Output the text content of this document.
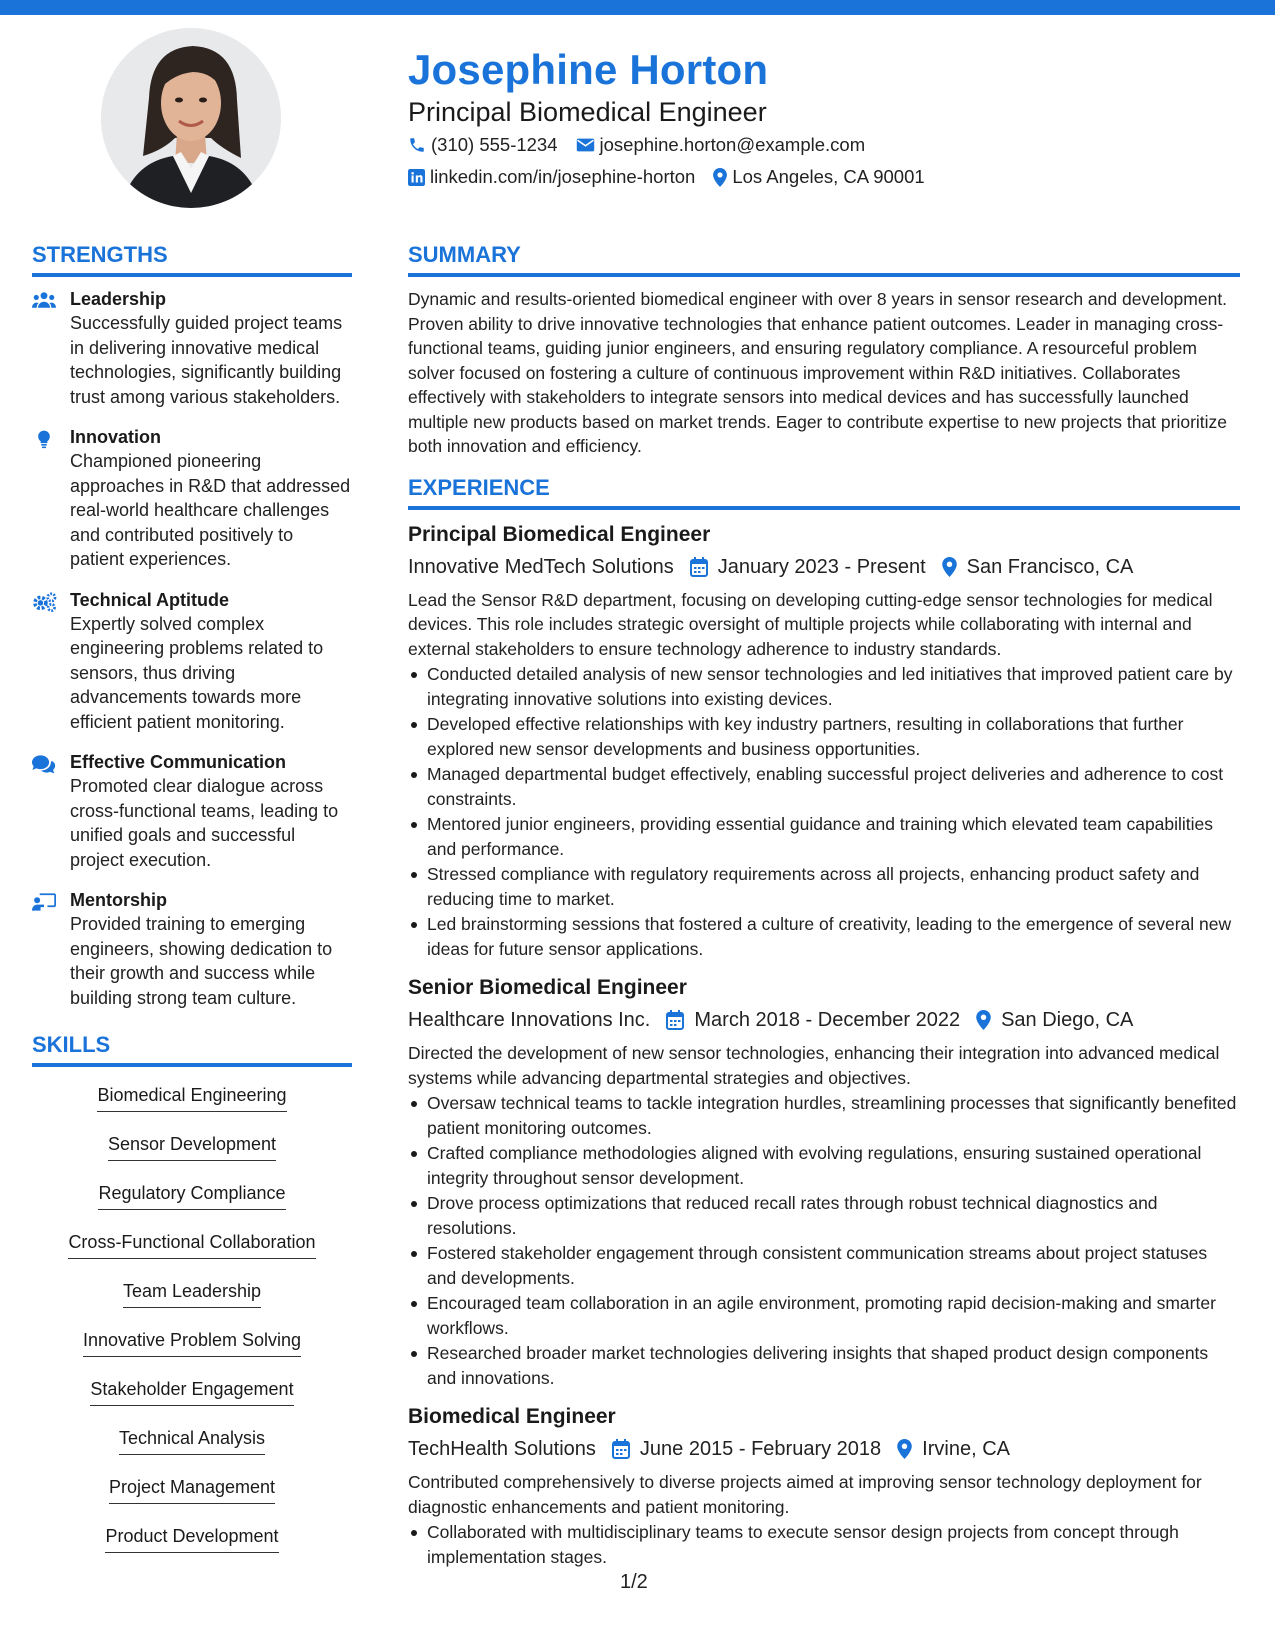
Josephine Horton
Principal Biomedical Engineer
(310) 555-1234 josephine.horton@example.com
linkedin.com/in/josephine-horton Los Angeles, CA 90001
STRENGTHS
Leadership
Successfully guided project teams in delivering innovative medical technologies, significantly building trust among various stakeholders.
Innovation
Championed pioneering approaches in R&D that addressed real-world healthcare challenges and contributed positively to patient experiences.
Technical Aptitude
Expertly solved complex engineering problems related to sensors, thus driving advancements towards more efficient patient monitoring.
Effective Communication
Promoted clear dialogue across cross-functional teams, leading to unified goals and successful project execution.
Mentorship
Provided training to emerging engineers, showing dedication to their growth and success while building strong team culture.
SKILLS
Biomedical Engineering
Sensor Development
Regulatory Compliance
Cross-Functional Collaboration
Team Leadership
Innovative Problem Solving
Stakeholder Engagement
Technical Analysis
Project Management
Product Development
SUMMARY
Dynamic and results-oriented biomedical engineer with over 8 years in sensor research and development. Proven ability to drive innovative technologies that enhance patient outcomes. Leader in managing cross-functional teams, guiding junior engineers, and ensuring regulatory compliance. A resourceful problem solver focused on fostering a culture of continuous improvement within R&D initiatives. Collaborates effectively with stakeholders to integrate sensors into medical devices and has successfully launched multiple new products based on market trends. Eager to contribute expertise to new projects that prioritize both innovation and efficiency.
EXPERIENCE
Principal Biomedical Engineer
Innovative MedTech Solutions January 2023 - Present San Francisco, CA
Lead the Sensor R&D department, focusing on developing cutting-edge sensor technologies for medical devices. This role includes strategic oversight of multiple projects while collaborating with internal and external stakeholders to ensure technology adherence to industry standards.
Conducted detailed analysis of new sensor technologies and led initiatives that improved patient care by integrating innovative solutions into existing devices.
Developed effective relationships with key industry partners, resulting in collaborations that further explored new sensor developments and business opportunities.
Managed departmental budget effectively, enabling successful project deliveries and adherence to cost constraints.
Mentored junior engineers, providing essential guidance and training which elevated team capabilities and performance.
Stressed compliance with regulatory requirements across all projects, enhancing product safety and reducing time to market.
Led brainstorming sessions that fostered a culture of creativity, leading to the emergence of several new ideas for future sensor applications.
Senior Biomedical Engineer
Healthcare Innovations Inc. March 2018 - December 2022 San Diego, CA
Directed the development of new sensor technologies, enhancing their integration into advanced medical systems while advancing departmental strategies and objectives.
Oversaw technical teams to tackle integration hurdles, streamlining processes that significantly benefited patient monitoring outcomes.
Crafted compliance methodologies aligned with evolving regulations, ensuring sustained operational integrity throughout sensor development.
Drove process optimizations that reduced recall rates through robust technical diagnostics and resolutions.
Fostered stakeholder engagement through consistent communication streams about project statuses and developments.
Encouraged team collaboration in an agile environment, promoting rapid decision-making and smarter workflows.
Researched broader market technologies delivering insights that shaped product design components and innovations.
Biomedical Engineer
TechHealth Solutions June 2015 - February 2018 Irvine, CA
Contributed comprehensively to diverse projects aimed at improving sensor technology deployment for diagnostic enhancements and patient monitoring.
Collaborated with multidisciplinary teams to execute sensor design projects from concept through implementation stages.
1/2
